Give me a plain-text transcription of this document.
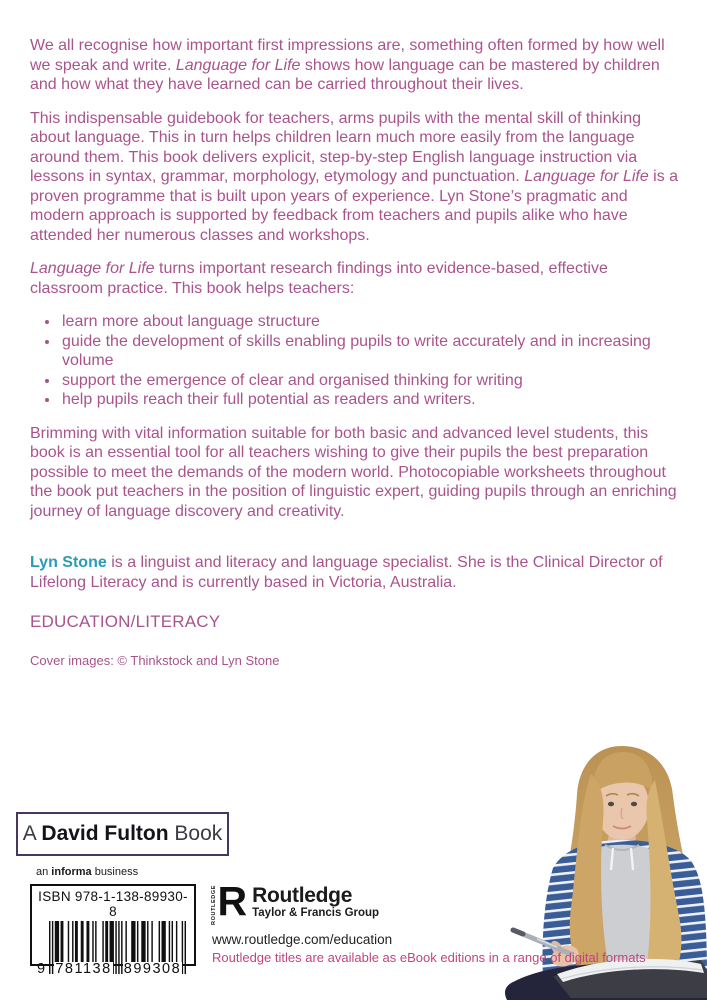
We all recognise how important first impressions are, something often formed by how well we speak and write. Language for Life shows how language can be mastered by children and how what they have learned can be carried throughout their lives.

This indispensable guidebook for teachers, arms pupils with the mental skill of thinking about language. This in turn helps children learn much more easily from the language around them. This book delivers explicit, step-by-step English language instruction via lessons in syntax, grammar, morphology, etymology and punctuation. Language for Life is a proven programme that is built upon years of experience. Lyn Stone’s pragmatic and modern approach is supported by feedback from teachers and pupils alike who have attended her numerous classes and workshops.

Language for Life turns important research findings into evidence-based, effective classroom practice. This book helps teachers:

• learn more about language structure
• guide the development of skills enabling pupils to write accurately and in increasing volume
• support the emergence of clear and organised thinking for writing
• help pupils reach their full potential as readers and writers.

Brimming with vital information suitable for both basic and advanced level students, this book is an essential tool for all teachers wishing to give their pupils the best preparation possible to meet the demands of the modern world. Photocopiable worksheets throughout the book put teachers in the position of linguistic expert, guiding pupils through an enriching journey of language discovery and creativity.

Lyn Stone is a linguist and literacy and language specialist. She is the Clinical Director of Lifelong Literacy and is currently based in Victoria, Australia.

EDUCATION/LITERACY

Cover images: © Thinkstock and Lyn Stone

A David Fulton Book
an informa business
ISBN 978-1-138-89930-8
9 781138 899308
ROUTLEDGE R Routledge
Taylor & Francis Group
www.routledge.com/education
Routledge titles are available as eBook editions in a range of digital formats
